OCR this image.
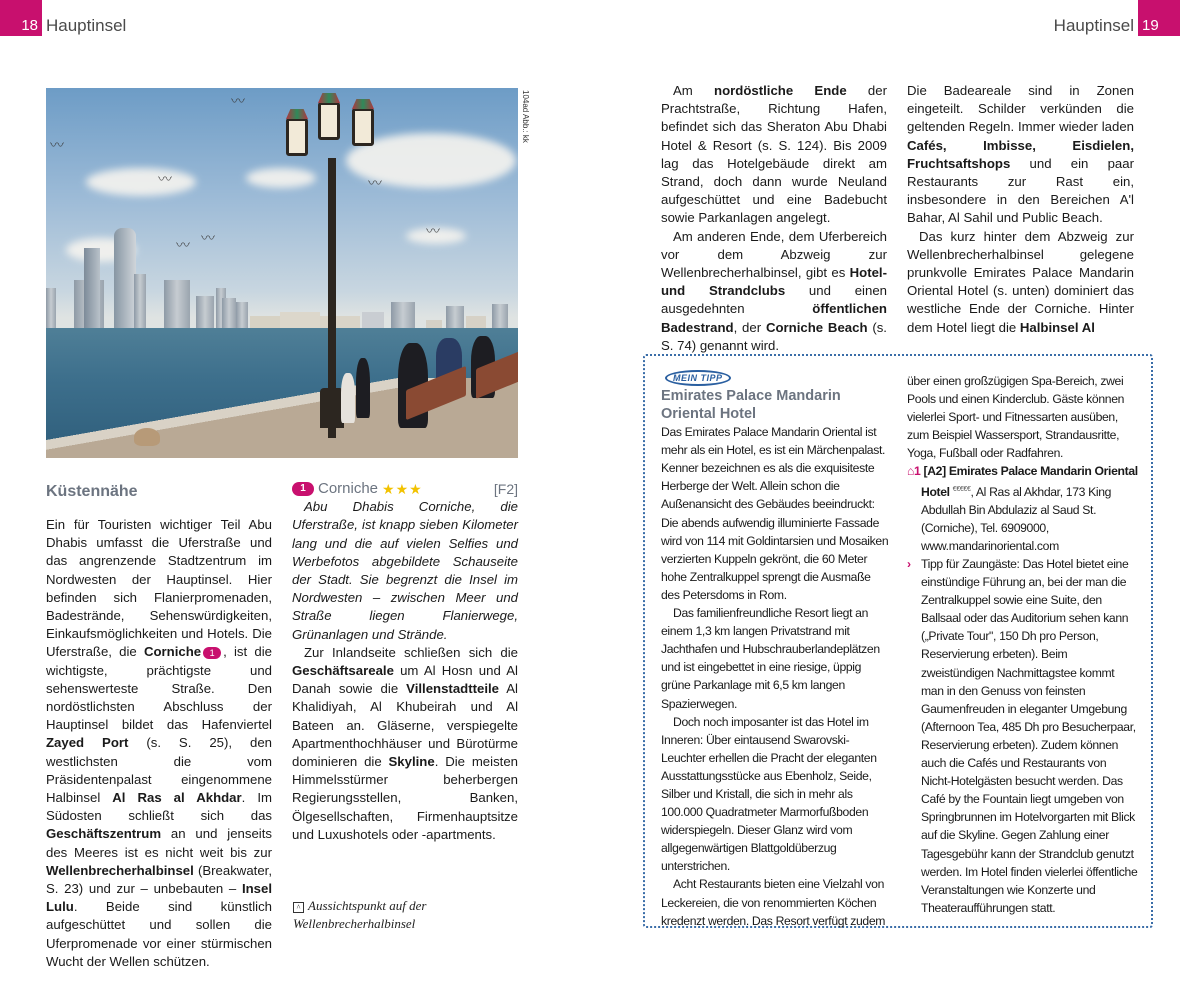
18 Hauptinsel	Hauptinsel 19
〰
〰
〰 〰
〰
〰
〰
104ad Abb.: kk
Küstennähe

Ein für Touristen wichtiger Teil Abu Dhabis umfasst die Uferstraße und das angrenzende Stadtzentrum im Nordwesten der Hauptinsel. Hier befinden sich Flanierpromenaden, Badestrände, Sehenswürdigkeiten, Einkaufsmöglichkeiten und Hotels. Die Uferstraße, die Corniche 1 , ist die wichtigste, prächtigste und sehenswerteste Straße. Den nordöstlichsten Abschluss der Hauptinsel bildet das Hafenviertel Zayed Port (s. S. 25), den westlichsten die vom Präsidentenpalast eingenommene Halbinsel Al Ras al Akhdar. Im Südosten schließt sich das Geschäftszentrum an und jenseits des Meeres ist es nicht weit bis zur Wellenbrecherhalbinsel (Breakwater, S. 23) und zur – unbebauten – Insel Lulu. Beide sind künstlich aufgeschüttet und sollen die Uferpromenade vor einer stürmischen Wucht der Wellen schützen.

1 Corniche ★★★	[F2]

Abu Dhabis Corniche, die Uferstraße, ist knapp sieben Kilometer lang und die auf vielen Selfies und Werbefotos abgebildete Schauseite der Stadt. Sie begrenzt die Insel im Nordwesten – zwischen Meer und Straße liegen Flanierwege, Grünanlagen und Strände.

Zur Inlandseite schließen sich die Geschäftsareale um Al Hosn und Al Danah sowie die Villenstadtteile Al Khalidiyah, Al Khubeirah und Al Bateen an. Gläserne, verspiegelte Apartmenthochhäuser und Bürotürme dominieren die Skyline. Die meisten Himmelsstürmer beherbergen Regierungsstellen, Banken, Ölgesellschaften, Firmenhauptsitze und Luxushotels oder -apartments.

^ Aussichtspunkt auf der Wellenbrecherhalbinsel

Am nordöstliche Ende der Prachtstraße, Richtung Hafen, befindet sich das Sheraton Abu Dhabi Hotel & Resort (s. S. 124). Bis 2009 lag das Hotelgebäude direkt am Strand, doch dann wurde Neuland aufgeschüttet und eine Badebucht sowie Parkanlagen angelegt.

Am anderen Ende, dem Uferbereich vor dem Abzweig zur Wellenbrecherhalbinsel, gibt es Hotel- und Strandclubs und einen ausgedehnten öffentlichen Badestrand, der Corniche Beach (s. S. 74) genannt wird.

Die Badeareale sind in Zonen eingeteilt. Schilder verkünden die geltenden Regeln. Immer wieder laden Cafés, Imbisse, Eisdielen, Fruchtsaftshops und ein paar Restaurants zur Rast ein, insbesondere in den Bereichen A'l Bahar, Al Sahil und Public Beach.

Das kurz hinter dem Abzweig zur Wellenbrecherhalbinsel gelegene prunkvolle Emirates Palace Mandarin Oriental Hotel (s. unten) dominiert das westliche Ende der Corniche. Hinter dem Hotel liegt die Halbinsel Al

MEIN TIPP
Emirates Palace Mandarin Oriental Hotel

Das Emirates Palace Mandarin Oriental ist mehr als ein Hotel, es ist ein Märchenpalast. Kenner bezeichnen es als die exquisiteste Herberge der Welt. Allein schon die Außenansicht des Gebäudes beeindruckt: Die abends aufwendig illuminierte Fassade wird von 114 mit Goldintarsien und Mosaiken verzierten Kuppeln gekrönt, die 60 Meter hohe Zentralkuppel sprengt die Ausmaße des Petersdoms in Rom.

Das familienfreundliche Resort liegt an einem 1,3 km langen Privatstrand mit Jachthafen und Hubschrauberlandeplätzen und ist eingebettet in eine riesige, üppig grüne Parkanlage mit 6,5 km langen Spazierwegen.

Doch noch imposanter ist das Hotel im Inneren: Über eintausend Swarovski-Leuchter erhellen die Pracht der eleganten Ausstattungsstücke aus Ebenholz, Seide, Silber und Kristall, die sich in mehr als 100.000 Quadratmeter Marmorfußboden widerspiegeln. Dieser Glanz wird vom allgegenwärtigen Blattgoldüberzug unterstrichen.

Acht Restaurants bieten eine Vielzahl von Leckereien, die von renommierten Köchen kredenzt werden. Das Resort verfügt zudem

über einen großzügigen Spa-Bereich, zwei Pools und einen Kinderclub. Gäste können vielerlei Sport- und Fitnessarten ausüben, zum Beispiel Wassersport, Strandausritte, Yoga, Fußball oder Radfahren.

⌂1 [A2] Emirates Palace Mandarin Oriental Hotel €€€€€, Al Ras al Akhdar, 173 King Abdullah Bin Abdulaziz al Saud St. (Corniche), Tel. 6909000, www.mandarinoriental.com

› Tipp für Zaungäste: Das Hotel bietet eine einstündige Führung an, bei der man die Zentralkuppel sowie eine Suite, den Ballsaal oder das Auditorium sehen kann („Private Tour", 150 Dh pro Person, Reservierung erbeten). Beim zweistündigen Nachmittagstee kommt man in den Genuss von feinsten Gaumenfreuden in eleganter Umgebung (Afternoon Tea, 485 Dh pro Besucherpaar, Reservierung erbeten). Zudem können auch die Cafés und Restaurants von Nicht-Hotelgästen besucht werden. Das Café by the Fountain liegt umgeben von Springbrunnen im Hotelvorgarten mit Blick auf die Skyline. Gegen Zahlung einer Tagesgebühr kann der Strandclub genutzt werden. Im Hotel finden vielerlei öffentliche Veranstaltungen wie Konzerte und Theateraufführungen statt.
